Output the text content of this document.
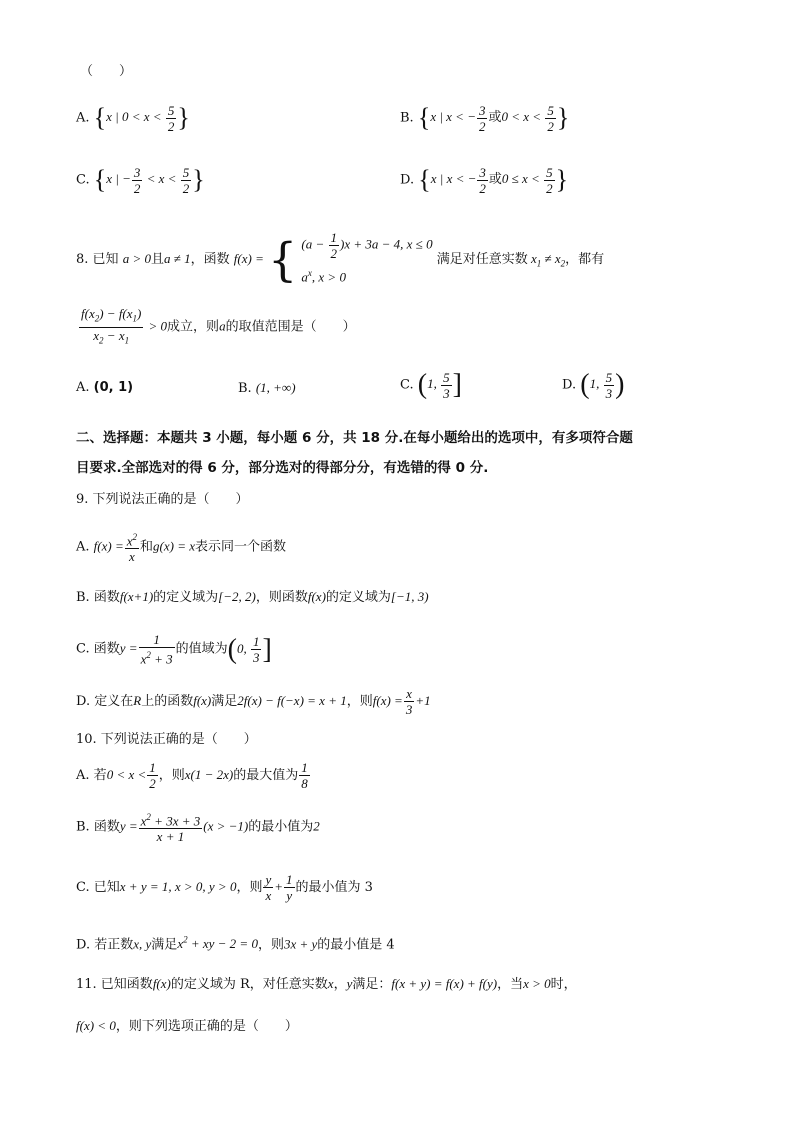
（　　）
A. {x | $0 < x < \frac{5}{2}$ }	B. {x | x < − $\frac{3}{2}$ 或$0 < x < \frac{5}{2}$ }
C. {x | − $\frac{3}{2} < x < \frac{5}{2}$ }	D. {x | x < − $\frac{3}{2}$ 或$0 \le x < \frac{5}{2}$ }
8. 已知 a > 0且a ≠ 1，函数 f(x) = { $(a - \frac{1}{2} )x + 3a - 4$, x ≤ 0
$a^x$, x > 0
满足对任意实数 $x_1 \ne x_2$，都有
$\frac{f(x_2) - f(x_1)}{x_2 - x_1} > 0$成立，则a的取值范围是（　　）
A. (0, 1)	B. (1, +∞)	C. (1, $\frac{5}{3}$ ]	D. (1, $\frac{5}{3}$ )
二、选择题：本题共 3 小题，每小题 6 分，共 18 分.在每小题给出的选项中，有多项符合题
目要求.全部选对的得 6 分，部分选对的得部分分，有选错的得 0 分.
9. 下列说法正确的是（　　）
A. $f(x) = \frac{x^2}{x}$ 和g(x) = x表示同一个函数
B. 函数f(x+1)的定义域为[−2, 2)，则函数f(x)的定义域为[−1, 3)
C. 函数$y = \frac{1}{x^2 + 3}$ 的值域为(0, $\frac{1}{3}$ ]
D. 定义在R上的函数f(x)满足2f(x) − f(−x) = x + 1，则$f(x) = \frac{x}{3} +1$
10. 下列说法正确的是（　　）
A. 若$0 < x < \frac{1}{2}$ ，则x(1 − 2x)的最大值为 $\frac{1}{8}$
B. 函数$y = \frac{x^2 + 3x + 3}{x + 1} (x > -1)$的最小值为2
C. 已知x + y = 1, x > 0, y > 0，则 $\frac{y}{x} + \frac{1}{y}$ 的最小值为 3
D. 若正数x, y满足$x^2$ + xy − 2 = 0，则3x + y的最小值是 4
11. 已知函数f(x)的定义域为 R，对任意实数x，y满足：f(x + y) = f(x) + f(y)，当x > 0时，
f(x) < 0，则下列选项正确的是（　　）
